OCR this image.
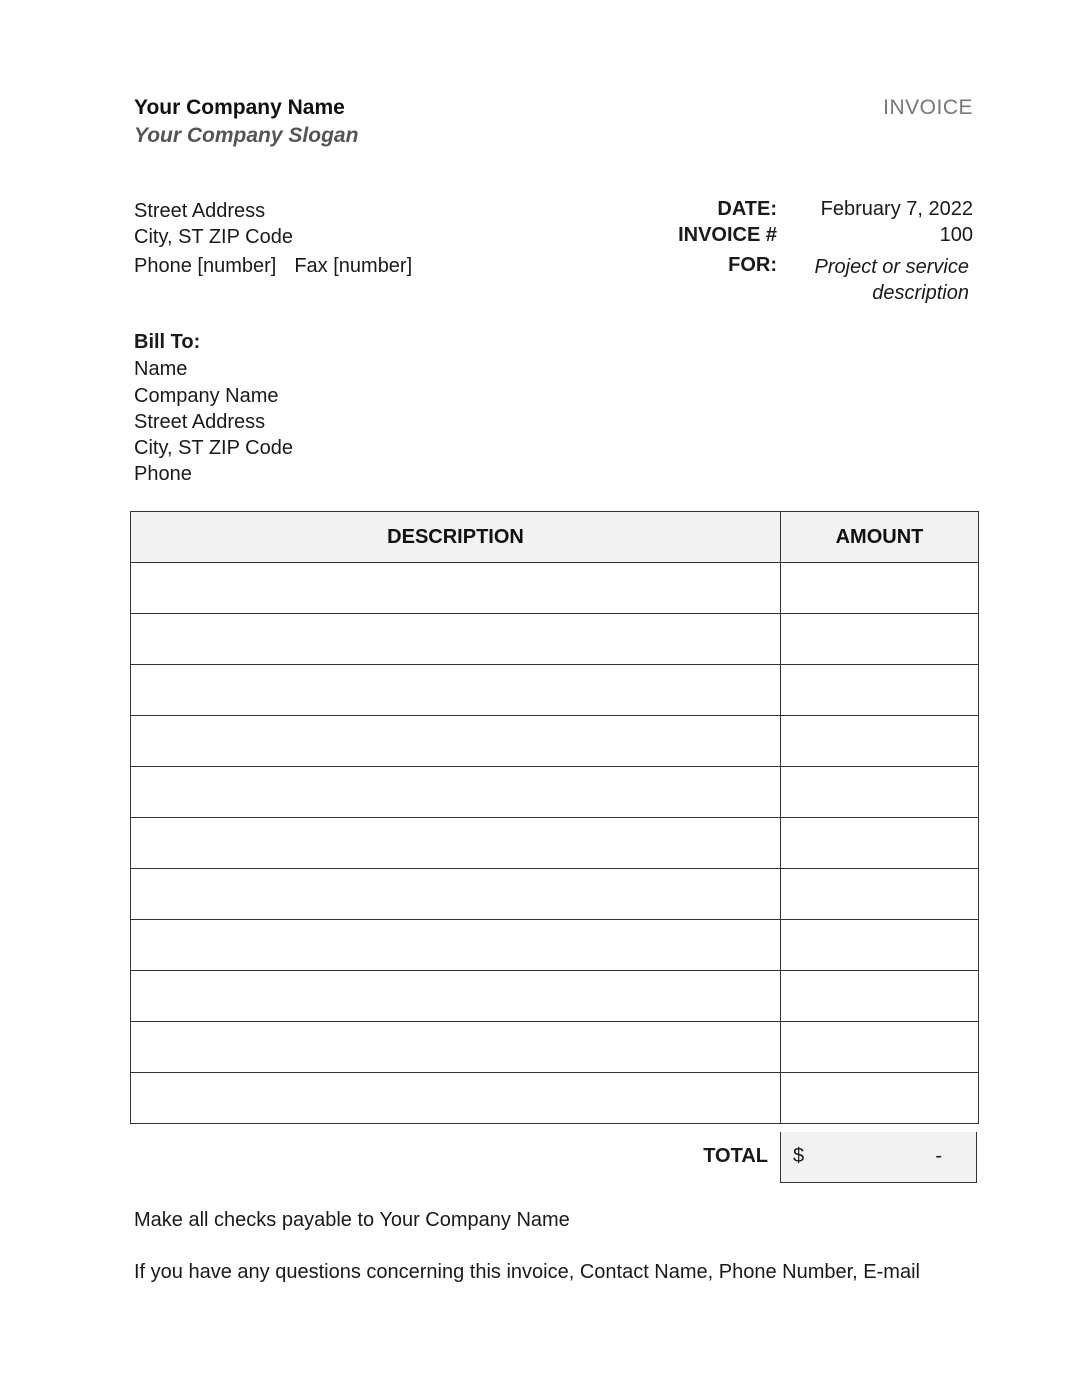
Your Company Name
Your Company Slogan
INVOICE
Street Address
City, ST ZIP Code
Phone [number] Fax [number]
DATE: February 7, 2022
INVOICE #	100
FOR:	Project or service description
Bill To:
Name
Company Name
Street Address
City, ST ZIP Code
Phone
DESCRIPTION	AMOUNT

TOTAL $	-
Make all checks payable to Your Company Name
If you have any questions concerning this invoice, Contact Name, Phone Number, E-mail
